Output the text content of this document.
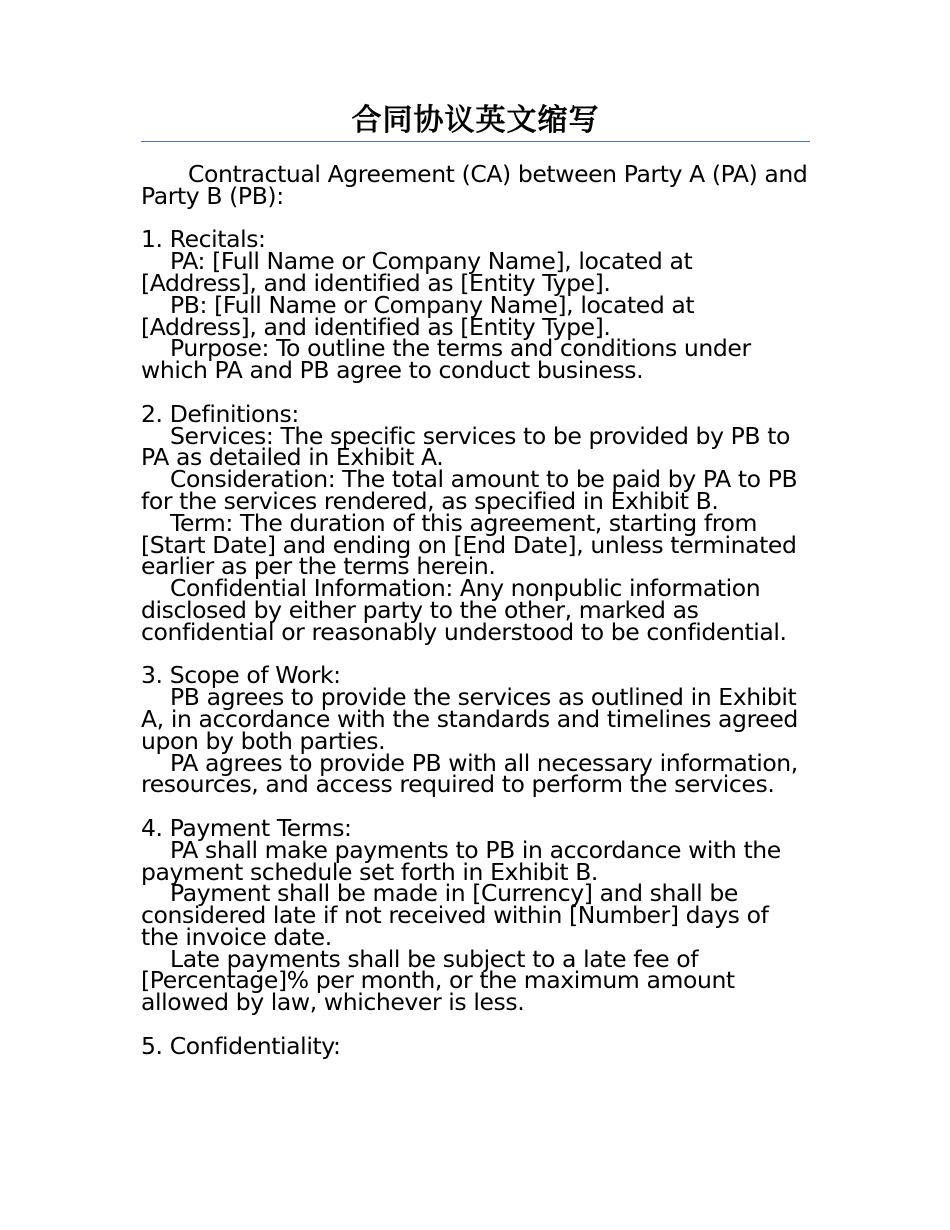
合同协议英文缩写

Contractual Agreement (CA) between Party A (PA) and Party B (PB):

1. Recitals:

PA: [Full Name or Company Name], located at [Address], and identified as [Entity Type].

PB: [Full Name or Company Name], located at [Address], and identified as [Entity Type].

Purpose: To outline the terms and conditions under which PA and PB agree to conduct business.

2. Definitions:

Services: The specific services to be provided by PB to PA as detailed in Exhibit A.

Consideration: The total amount to be paid by PA to PB for the services rendered, as specified in Exhibit B.

Term: The duration of this agreement, starting from [Start Date] and ending on [End Date], unless terminated earlier as per the terms herein.

Confidential Information: Any nonpublic information disclosed by either party to the other, marked as confidential or reasonably understood to be confidential.

3. Scope of Work:

PB agrees to provide the services as outlined in Exhibit A, in accordance with the standards and timelines agreed upon by both parties.

PA agrees to provide PB with all necessary information, resources, and access required to perform the services.

4. Payment Terms:

PA shall make payments to PB in accordance with the payment schedule set forth in Exhibit B.

Payment shall be made in [Currency] and shall be considered late if not received within [Number] days of the invoice date.

Late payments shall be subject to a late fee of [Percentage]% per month, or the maximum amount allowed by law, whichever is less.

5. Confidentiality:
